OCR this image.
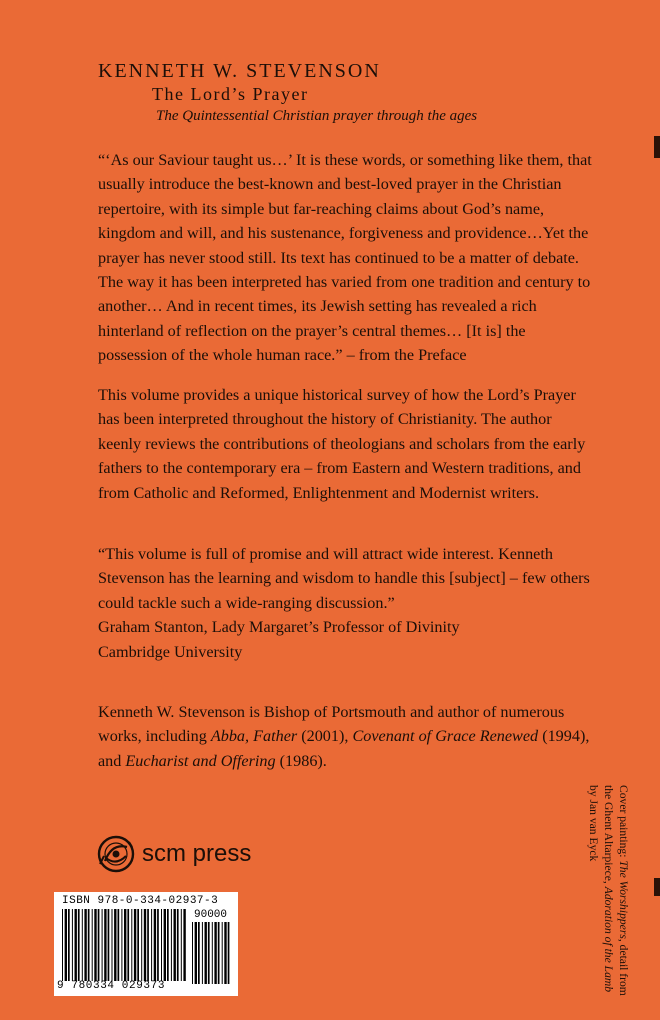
KENNETH W. STEVENSON
The Lord’s Prayer
The Quintessential Christian prayer through the ages

“‘As our Saviour taught us…’ It is these words, or something like them, that usually introduce the best-known and best-loved prayer in the Christian repertoire, with its simple but far-reaching claims about God’s name, kingdom and will, and his sustenance, forgiveness and providence…Yet the prayer has never stood still. Its text has continued to be a matter of debate. The way it has been interpreted has varied from one tradition and century to another… And in recent times, its Jewish setting has revealed a rich hinterland of reflection on the prayer’s central themes… [It is] the possession of the whole human race.” – from the Preface

This volume provides a unique historical survey of how the Lord’s Prayer has been interpreted throughout the history of Christianity. The author keenly reviews the contributions of theologians and scholars from the early fathers to the contemporary era – from Eastern and Western traditions, and from Catholic and Reformed, Enlightenment and Modernist writers.

“This volume is full of promise and will attract wide interest. Kenneth Stevenson has the learning and wisdom to handle this [subject] – few others could tackle such a wide-ranging discussion.”
Graham Stanton, Lady Margaret’s Professor of Divinity
Cambridge University

Kenneth W. Stevenson is Bishop of Portsmouth and author of numerous works, including Abba, Father (2001), Covenant of Grace Renewed (1994), and Eucharist and Offering (1986).

Cover painting: The Worshippers, detail from the Ghent Altarpiece, Adoration of the Lamb by Jan van Eyck
scm press
ISBN 978-0-334-02937-3
90000
9 780334 029373
